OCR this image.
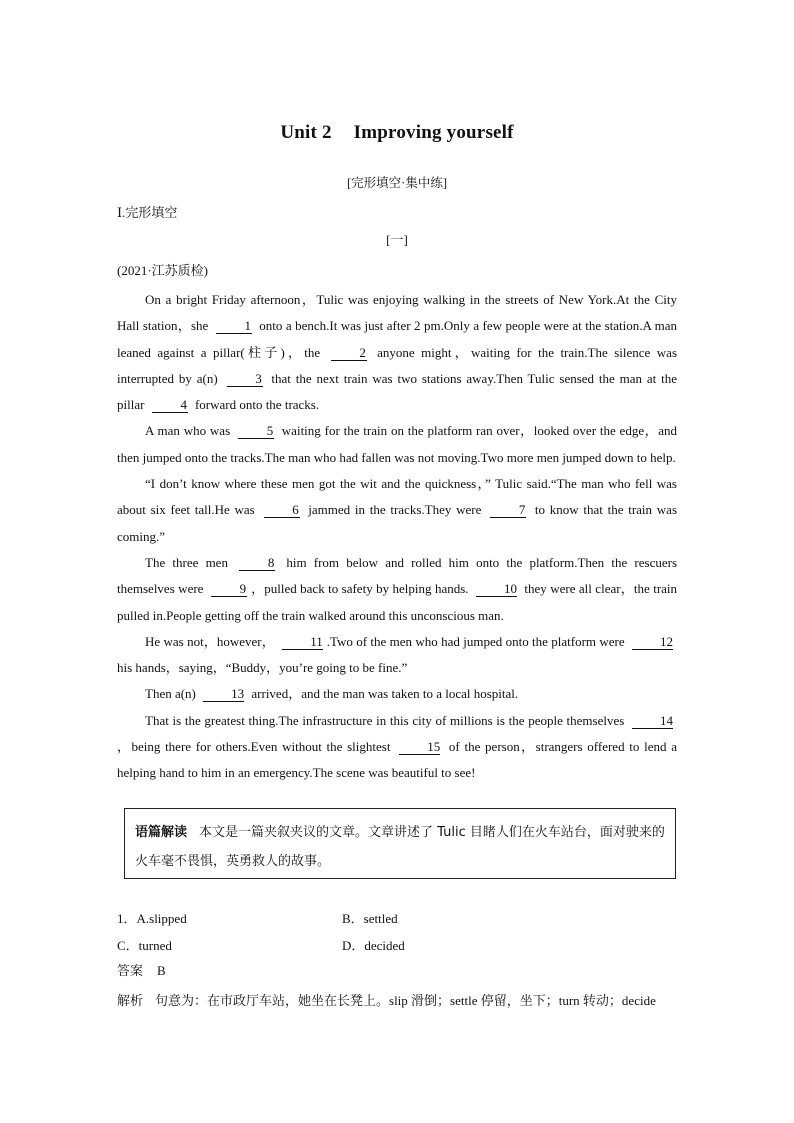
Unit 2 Improving yourself
[完形填空·集中练]
Ⅰ.完形填空
[一]
(2021·江苏质检)

On a bright Friday afternoon，Tulic was enjoying walking in the streets of New York.At the City Hall station，she	1 onto a bench.It was just after 2 pm.Only a few people were at the station.A man leaned against a pillar(柱子)，the	2 anyone might，waiting for the train.The silence was interrupted by a(n)	3 that the next train was two stations away.Then Tulic sensed the man at the pillar	4 forward onto the tracks.

A man who was	5 waiting for the train on the platform ran over，looked over the edge，and then jumped onto the tracks.The man who had fallen was not moving.Two more men jumped down to help.

“I don’t know where these men got the wit and the quickness，” Tulic said.“The man who fell was about six feet tall.He was	6 jammed in the tracks.They were	7 to know that the train was coming.”

The three men	8 him from below and rolled him onto the platform.Then the rescuers themselves were	9 ，pulled back to safety by helping hands.	10 they were all clear，the train pulled in.People getting off the train walked around this unconscious man.

He was not，however，	11 .Two of the men who had jumped onto the platform were	12 his hands，saying，“Buddy，you’re going to be fine.”

Then a(n)	13 arrived，and the man was taken to a local hospital.

That is the greatest thing.The infrastructure in this city of millions is the people themselves	14，being there for others.Even without the slightest	15 of the person，strangers offered to lend a helping hand to him in an emergency.The scene was beautiful to see!

语篇解读 本文是一篇夹叙夹议的文章。文章讲述了 Tulic 目睹人们在火车站台，面对驶来的火车毫不畏惧，英勇救人的故事。
1．A.slipped	B．settled
C．turned	D．decided
答案 B
解析 句意为：在市政厅车站，她坐在长凳上。slip 滑倒；settle 停留，坐下；turn 转动；decide
